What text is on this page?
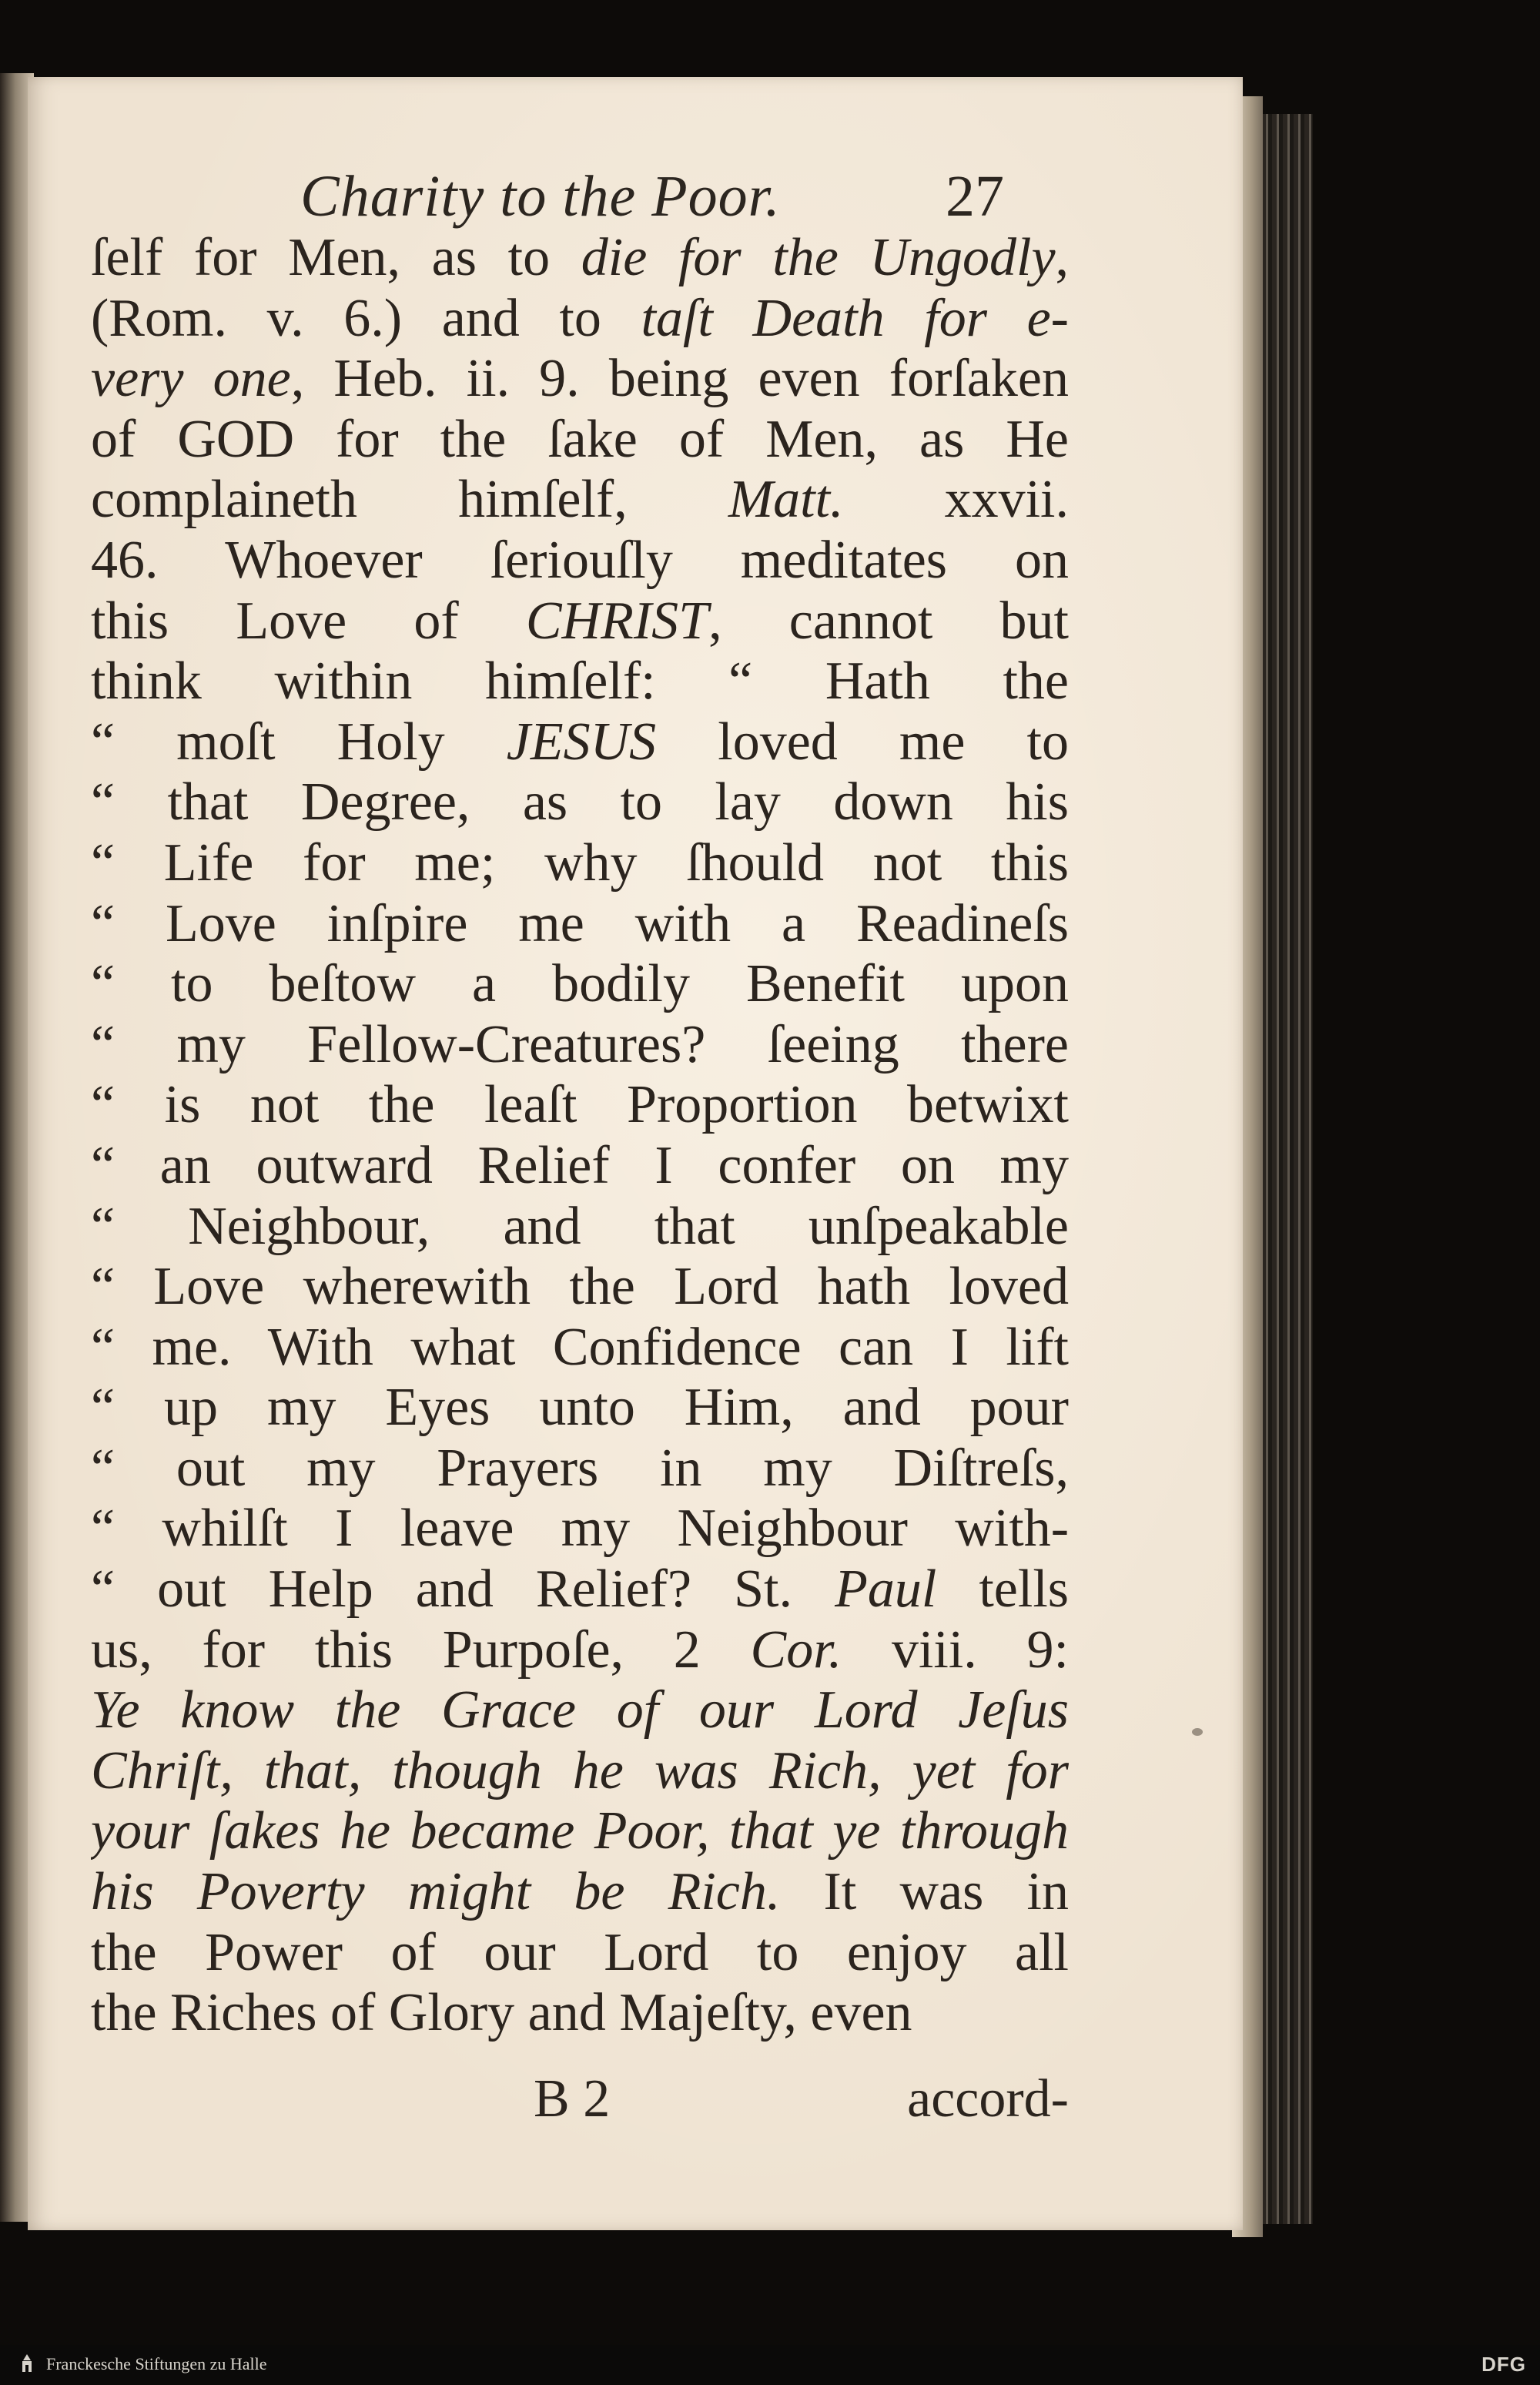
Charity to the Poor.	27
ſelf for Men, as to die for the Ungodly,
(Rom. v. 6.) and to taſt Death for e-
very one, Heb. ii. 9. being even forſaken
of GOD for the ſake of Men, as He
complaineth himſelf, Matt. xxvii.
46. Whoever ſeriouſly meditates on
this Love of CHRIST, cannot but
think within himſelf: “ Hath the
“ moſt Holy JESUS loved me to
“ that Degree, as to lay down his
“ Life for me; why ſhould not this
“ Love inſpire me with a Readineſs
“ to beſtow a bodily Benefit upon
“ my Fellow-Creatures? ſeeing there
“ is not the leaſt Proportion betwixt
“ an outward Relief I confer on my
“ Neighbour, and that unſpeakable
“ Love wherewith the Lord hath loved
“ me. With what Confidence can I lift
“ up my Eyes unto Him, and pour
“ out my Prayers in my Diſtreſs,
“ whilſt I leave my Neighbour with-
“ out Help and Relief? St. Paul tells
us, for this Purpoſe, 2 Cor. viii. 9:
Ye know the Grace of our Lord Jeſus
Chriſt, that, though he was Rich, yet for
your ſakes he became Poor, that ye through
his Poverty might be Rich. It was in
the Power of our Lord to enjoy all
the Riches of Glory and Majeſty, even
B 2	accord-
Franckesche Stiftungen zu Halle	DFG
